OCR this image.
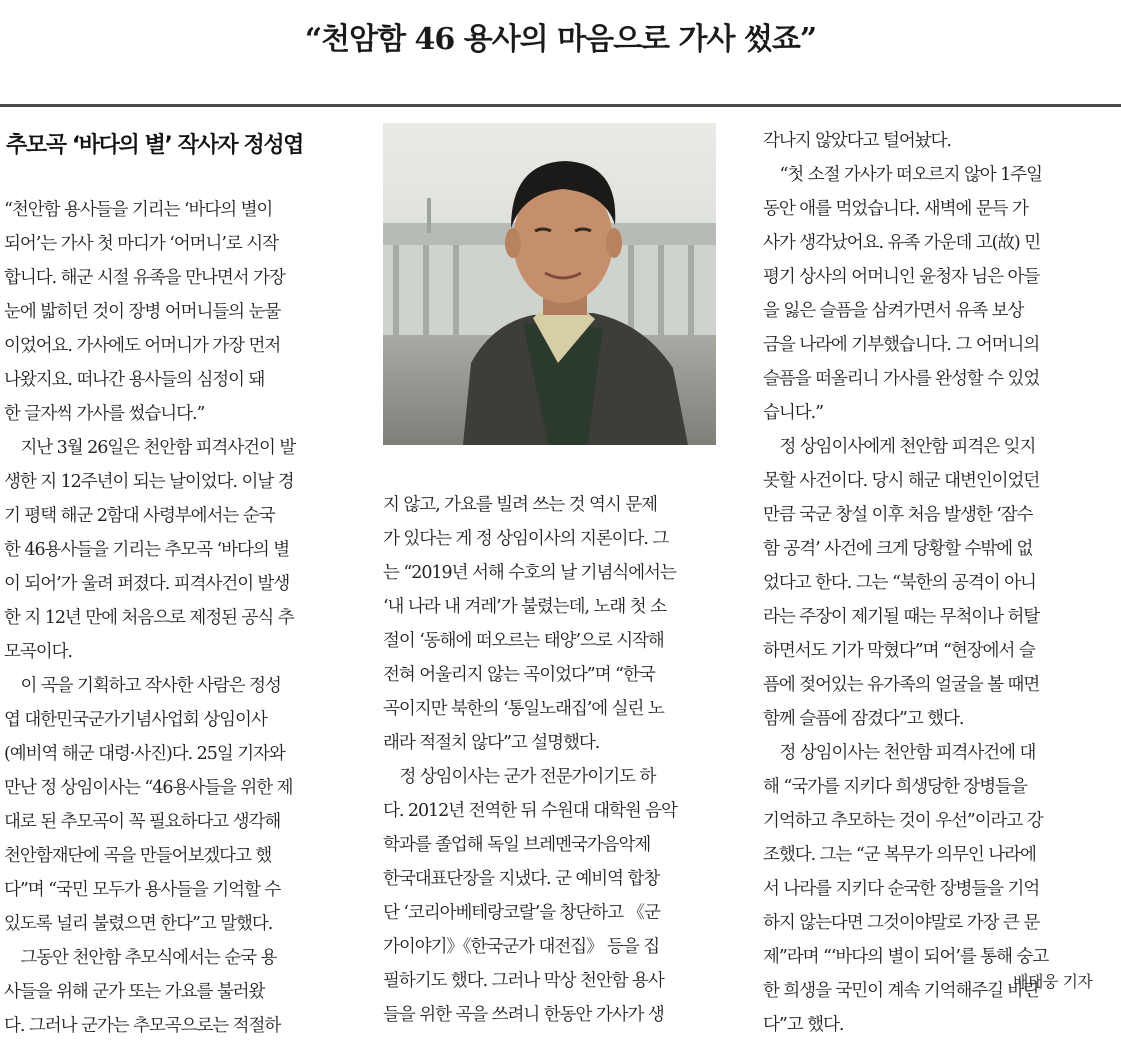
“천암함 46 용사의 마음으로 가사 썼죠”
추모곡 ‘바다의 별’ 작사자 정성엽
“천안함 용사들을 기리는 ‘바다의 별이
되어’는 가사 첫 마디가 ‘어머니’로 시작
합니다. 해군 시절 유족을 만나면서 가장
눈에 밟히던 것이 장병 어머니들의 눈물
이었어요. 가사에도 어머니가 가장 먼저
나왔지요. 떠나간 용사들의 심정이 돼
한 글자씩 가사를 썼습니다.”
　지난 3월 26일은 천안함 피격사건이 발
생한 지 12주년이 되는 날이었다. 이날 경
기 평택 해군 2함대 사령부에서는 순국
한 46용사들을 기리는 추모곡 ‘바다의 별
이 되어’가 울려 퍼졌다. 피격사건이 발생
한 지 12년 만에 처음으로 제정된 공식 추
모곡이다.
　이 곡을 기획하고 작사한 사람은 정성
엽 대한민국군가기념사업회 상임이사
(예비역 해군 대령·사진)다. 25일 기자와
만난 정 상임이사는 “46용사들을 위한 제
대로 된 추모곡이 꼭 필요하다고 생각해
천안함재단에 곡을 만들어보겠다고 했
다”며 “국민 모두가 용사들을 기억할 수
있도록 널리 불렸으면 한다”고 말했다.
　그동안 천안함 추모식에서는 순국 용
사들을 위해 군가 또는 가요를 불러왔
다. 그러나 군가는 추모곡으로는 적절하
지 않고, 가요를 빌려 쓰는 것 역시 문제
가 있다는 게 정 상임이사의 지론이다. 그
는 “2019년 서해 수호의 날 기념식에서는
‘내 나라 내 겨레’가 불렸는데, 노래 첫 소
절이 ‘동해에 떠오르는 태양’으로 시작해
전혀 어울리지 않는 곡이었다”며 “한국
곡이지만 북한의 ‘통일노래집’에 실린 노
래라 적절치 않다”고 설명했다.
　정 상임이사는 군가 전문가이기도 하
다. 2012년 전역한 뒤 수원대 대학원 음악
학과를 졸업해 독일 브레멘국가음악제
한국대표단장을 지냈다. 군 예비역 합창
단 ‘코리아베테랑코랄’을 창단하고 《군
가이야기》《한국군가 대전집》 등을 집
필하기도 했다. 그러나 막상 천안함 용사
들을 위한 곡을 쓰려니 한동안 가사가 생
각나지 않았다고 털어놨다.
　“첫 소절 가사가 떠오르지 않아 1주일
동안 애를 먹었습니다. 새벽에 문득 가
사가 생각났어요. 유족 가운데 고(故) 민
평기 상사의 어머니인 윤청자 님은 아들
을 잃은 슬픔을 삼켜가면서 유족 보상
금을 나라에 기부했습니다. 그 어머니의
슬픔을 떠올리니 가사를 완성할 수 있었
습니다.”
　정 상임이사에게 천안함 피격은 잊지
못할 사건이다. 당시 해군 대변인이었던
만큼 국군 창설 이후 처음 발생한 ‘잠수
함 공격’ 사건에 크게 당황할 수밖에 없
었다고 한다. 그는 “북한의 공격이 아니
라는 주장이 제기될 때는 무척이나 허탈
하면서도 기가 막혔다”며 “현장에서 슬
픔에 젖어있는 유가족의 얼굴을 볼 때면
함께 슬픔에 잠겼다”고 했다.
　정 상임이사는 천안함 피격사건에 대
해 “국가를 지키다 희생당한 장병들을
기억하고 추모하는 것이 우선”이라고 강
조했다. 그는 “군 복무가 의무인 나라에
서 나라를 지키다 순국한 장병들을 기억
하지 않는다면 그것이야말로 가장 큰 문
제”라며 “‘바다의 별이 되어’를 통해 숭고
한 희생을 국민이 계속 기억해주길 바란
다”고 했다.
배태웅 기자
